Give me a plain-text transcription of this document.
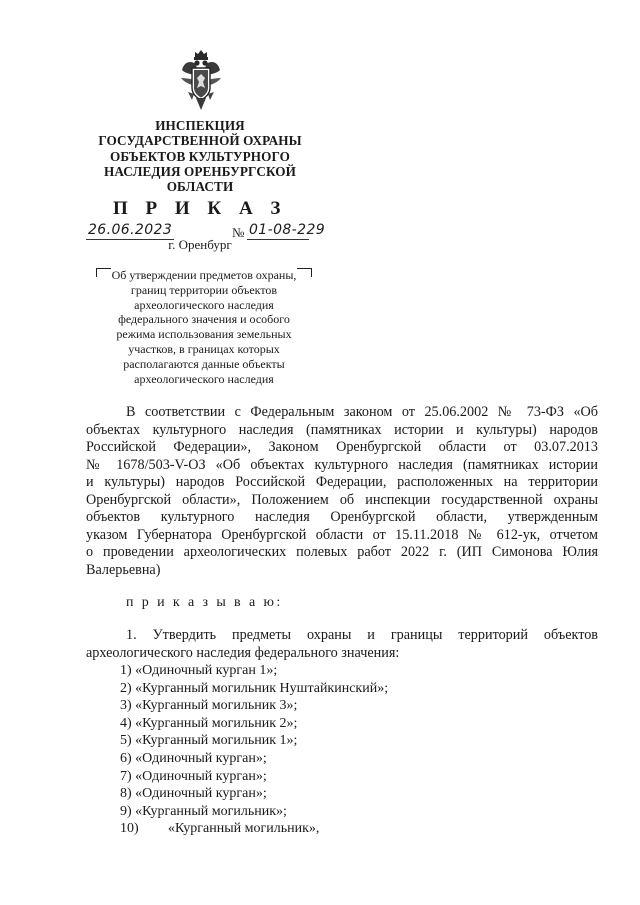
ИНСПЕКЦИЯ
ГОСУДАРСТВЕННОЙ ОХРАНЫ
ОБЪЕКТОВ КУЛЬТУРНОГО
НАСЛЕДИЯ ОРЕНБУРГСКОЙ
ОБЛАСТИ
П Р И К А З
26.06.2023	№ 01-08-229
г. Оренбург
Об утверждении предметов охраны,
границ территории объектов
археологического наследия
федерального значения и особого
режима использования земельных
участков, в границах которых
располагаются данные объекты
археологического наследия
В соответствии с Федеральным законом от 25.06.2002 № 73-ФЗ «Об
объектах культурного наследия (памятниках истории и культуры) народов
Российской Федерации», Законом Оренбургской области от 03.07.2013
№ 1678/503-V-ОЗ «Об объектах культурного наследия (памятниках истории
и культуры) народов Российской Федерации, расположенных на территории
Оренбургской области», Положением об инспекции государственной охраны
объектов культурного наследия Оренбургской области, утвержденным
указом Губернатора Оренбургской области от 15.11.2018 № 612-ук, отчетом
о проведении археологических полевых работ 2022 г. (ИП Симонова Юлия
Валерьевна)
п р и к а з ы в а ю:
1. Утвердить предметы охраны и границы территорий объектов
археологического наследия федерального значения:
1) «Одиночный курган 1»;
2) «Курганный могильник Нуштайкинский»;
3) «Курганный могильник 3»;
4) «Курганный могильник 2»;
5) «Курганный могильник 1»;
6) «Одиночный курган»;
7) «Одиночный курган»;
8) «Одиночный курган»;
9) «Курганный могильник»;
10) «Курганный могильник»,
